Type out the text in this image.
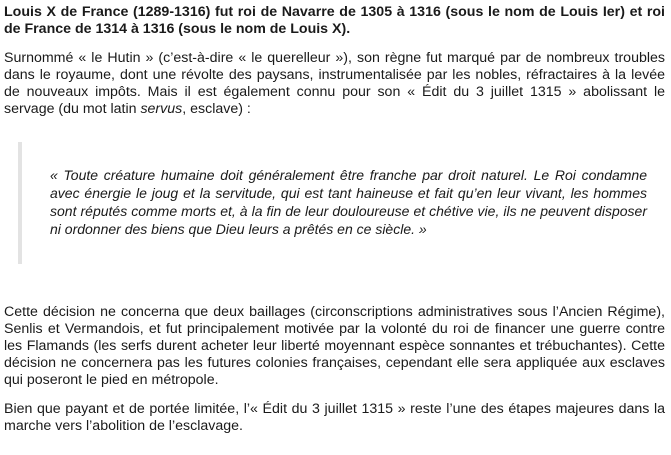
Louis X de France (1289-1316) fut roi de Navarre de 1305 à 1316 (sous le nom de Louis Ier) et roi de France de 1314 à 1316 (sous le nom de Louis X).

Surnommé « le Hutin » (c’est-à-dire « le querelleur »), son règne fut marqué par de nombreux troubles dans le royaume, dont une révolte des paysans, instrumentalisée par les nobles, réfractaires à la levée de nouveaux impôts. Mais il est également connu pour son « Édit du 3 juillet 1315 » abolissant le servage (du mot latin servus, esclave) :

« Toute créature humaine doit généralement être franche par droit naturel. Le Roi condamne avec énergie le joug et la servitude, qui est tant haineuse et fait qu’en leur vivant, les hommes sont réputés comme morts et, à la fin de leur douloureuse et chétive vie, ils ne peuvent disposer ni ordonner des biens que Dieu leurs a prêtés en ce siècle. »

Cette décision ne concerna que deux baillages (circonscriptions administratives sous l’Ancien Régime), Senlis et Vermandois, et fut principalement motivée par la volonté du roi de financer une guerre contre les Flamands (les serfs durent acheter leur liberté moyennant espèce sonnantes et trébuchantes). Cette décision ne concernera pas les futures colonies françaises, cependant elle sera appliquée aux esclaves qui poseront le pied en métropole.

Bien que payant et de portée limitée, l’« Édit du 3 juillet 1315 » reste l’une des étapes majeures dans la marche vers l’abolition de l’esclavage.
